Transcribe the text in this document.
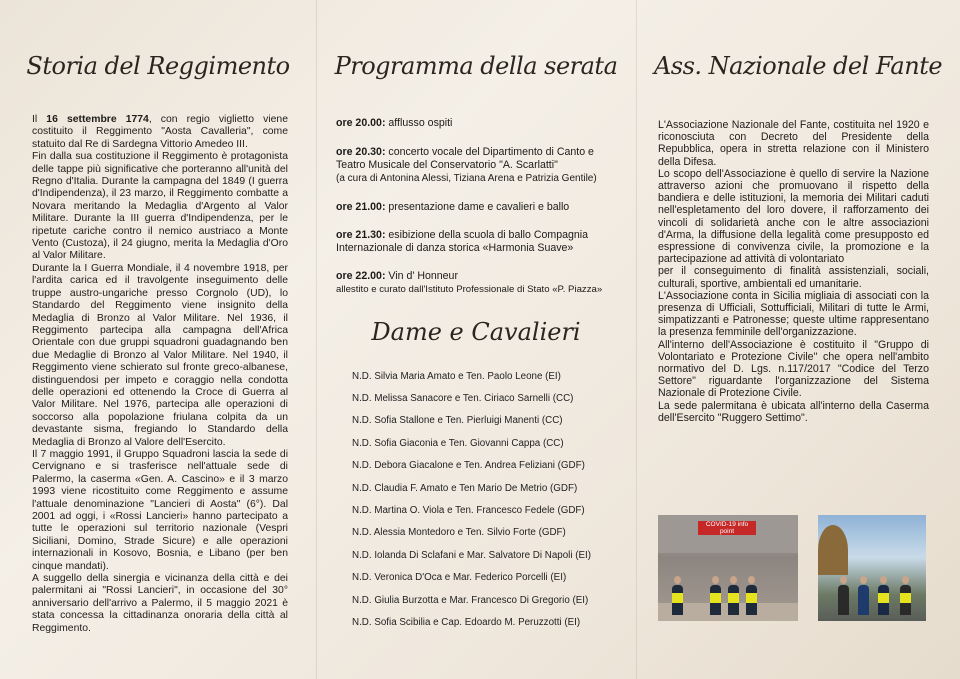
Storia del Reggimento

Il 16 settembre 1774, con regio viglietto viene costituito il Reggimento "Aosta Cavalleria", come statuito dal Re di Sardegna Vittorio Amedeo III.

Fin dalla sua costituzione il Reggimento è protagonista delle tappe più significative che porteranno all'unità del Regno d'Italia. Durante la campagna del 1849 (I guerra d'Indipendenza), il 23 marzo, il Reggimento combatte a Novara meritando la Medaglia d'Argento al Valor Militare. Durante la III guerra d'Indipendenza, per le ripetute cariche contro il nemico austriaco a Monte Vento (Custoza), il 24 giugno, merita la Medaglia d'Oro al Valor Militare.

Durante la I Guerra Mondiale, il 4 novembre 1918, per l'ardita carica ed il travolgente inseguimento delle truppe austro-ungariche presso Corgnolo (UD), lo Standardo del Reggimento viene insignito della Medaglia di Bronzo al Valor Militare. Nel 1936, il Reggimento partecipa alla campagna dell'Africa Orientale con due gruppi squadroni guadagnando ben due Medaglie di Bronzo al Valor Militare. Nel 1940, il Reggimento viene schierato sul fronte greco-albanese, distinguendosi per impeto e coraggio nella condotta delle operazioni ed ottenendo la Croce di Guerra al Valor Militare. Nel 1976, partecipa alle operazioni di soccorso alla popolazione friulana colpita da un devastante sisma, fregiando lo Standardo della Medaglia di Bronzo al Valore dell'Esercito.

Il 7 maggio 1991, il Gruppo Squadroni lascia la sede di Cervignano e si trasferisce nell'attuale sede di Palermo, la caserma «Gen. A. Cascino» e il 3 marzo 1993 viene ricostituito come Reggimento e assume l'attuale denominazione "Lancieri di Aosta" (6°). Dal 2001 ad oggi, i «Rossi Lancieri» hanno partecipato a tutte le operazioni sul territorio nazionale (Vespri Siciliani, Domino, Strade Sicure) e alle operazioni internazionali in Kosovo, Bosnia, e Libano (per ben cinque mandati).

A suggello della sinergia e vicinanza della città e dei palermitani ai "Rossi Lancieri", in occasione del 30° anniversario dell'arrivo a Palermo, il 5 maggio 2021 è stata concessa la cittadinanza onoraria della città al Reggimento.

Programma della serata

ore 20.00: afflusso ospiti

ore 20.30: concerto vocale del Dipartimento di Canto e Teatro Musicale del Conservatorio "A. Scarlatti"

(a cura di Antonina Alessi, Tiziana Arena e Patrizia Gentile)

ore 21.00: presentazione dame e cavalieri e ballo

ore 21.30: esibizione della scuola di ballo Compagnia Internazionale di danza storica «Harmonia Suave»

ore 22.00: Vin d' Honneur

allestito e curato dall'Istituto Professionale di Stato «P. Piazza»

Dame e Cavalieri
N.D. Silvia Maria Amato e Ten. Paolo Leone (EI)
N.D. Melissa Sanacore e Ten. Ciriaco Sarnelli (CC)
N.D. Sofia Stallone e Ten. Pierluigi Manenti (CC)
N.D. Sofia Giaconia e Ten. Giovanni Cappa (CC)
N.D. Debora Giacalone e Ten. Andrea Feliziani (GDF)
N.D. Claudia F. Amato e Ten Mario De Metrio (GDF)
N.D. Martina O. Viola e Ten. Francesco Fedele (GDF)
N.D. Alessia Montedoro e Ten. Silvio Forte (GDF)
N.D. Iolanda Di Sclafani e Mar. Salvatore Di Napoli (EI)
N.D. Veronica D'Oca e Mar. Federico Porcelli (EI)
N.D. Giulia Burzotta e Mar. Francesco Di Gregorio (EI)
N.D. Sofia Scibilia e Cap. Edoardo M. Peruzzotti (EI)
Ass. Nazionale del Fante
L'Associazione Nazionale del Fante, costituita nel 1920 e riconosciuta con Decreto del Presidente della Repubblica, opera in stretta relazione con il Ministero della Difesa.
Lo scopo dell'Associazione è quello di servire la Nazione attraverso azioni che promuovano il rispetto della bandiera e delle istituzioni, la memoria dei Militari caduti nell'espletamento del loro dovere, il rafforzamento dei vincoli di solidarietà anche con le altre associazioni d'Arma, la diffusione della legalità come presupposto ed espressione di convivenza civile, la promozione e la partecipazione ad attività di volontariato
per il conseguimento di finalità assistenziali, sociali, culturali, sportive, ambientali ed umanitarie.
L'Associazione conta in Sicilia migliaia di associati con la presenza di Ufficiali, Sottufficiali, Militari di tutte le Armi, simpatizzanti e Patronesse; queste ultime rappresentano la presenza femminile dell'organizzazione.
All'interno dell'Associazione è costituito il "Gruppo di Volontariato e Protezione Civile" che opera nell'ambito normativo del D. Lgs. n.117/2017 "Codice del Terzo Settore" riguardante l'organizzazione del Sistema Nazionale di Protezione Civile.
La sede palermitana è ubicata all'interno della Caserma dell'Esercito "Ruggero Settimo".
COVID-19 info point
